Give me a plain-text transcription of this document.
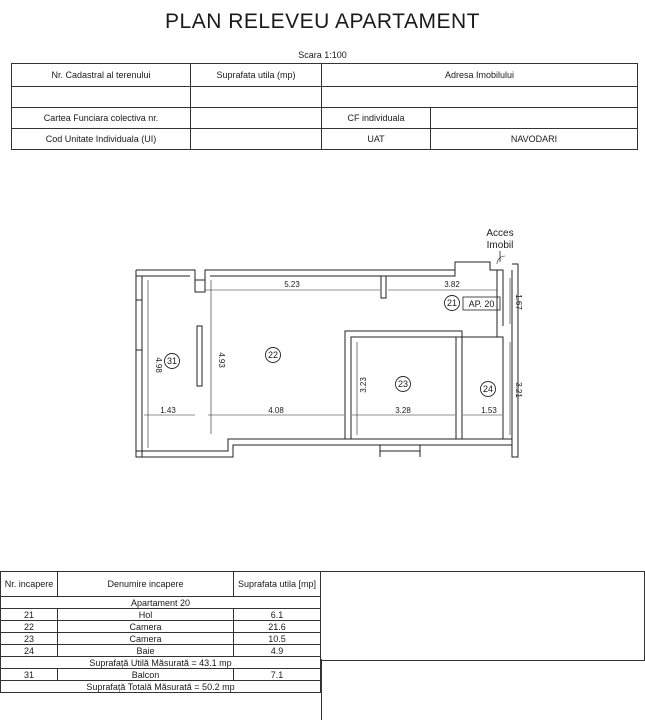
PLAN RELEVEU APARTAMENT
Scara 1:100
Nr. Cadastral al terenului	Suprafata utila (mp)	Adresa Imobilului	

Cartea Funciara colectiva nr.		CF individuala	
Cod Unitate Individuala (UI)		UAT	NAVODARI
5.23	3.82
1.43	4.08	3.28	1.53
4.98	4.93
3.23	3.21
1.67
Acces
Imobil
21
22
23	24
31
AP. 20
Nr. incapere	Denumire incapere	Suprafata utila [mp]
Apartament 20		
21	Hol	6.1
22	Camera	21.6
23	Camera	10.5
24	Baie	4.9
Suprafață Utilă Măsurată = 43.1 mp		
31	Balcon	7.1
Suprafață Totală Măsurată = 50.2 mp		
